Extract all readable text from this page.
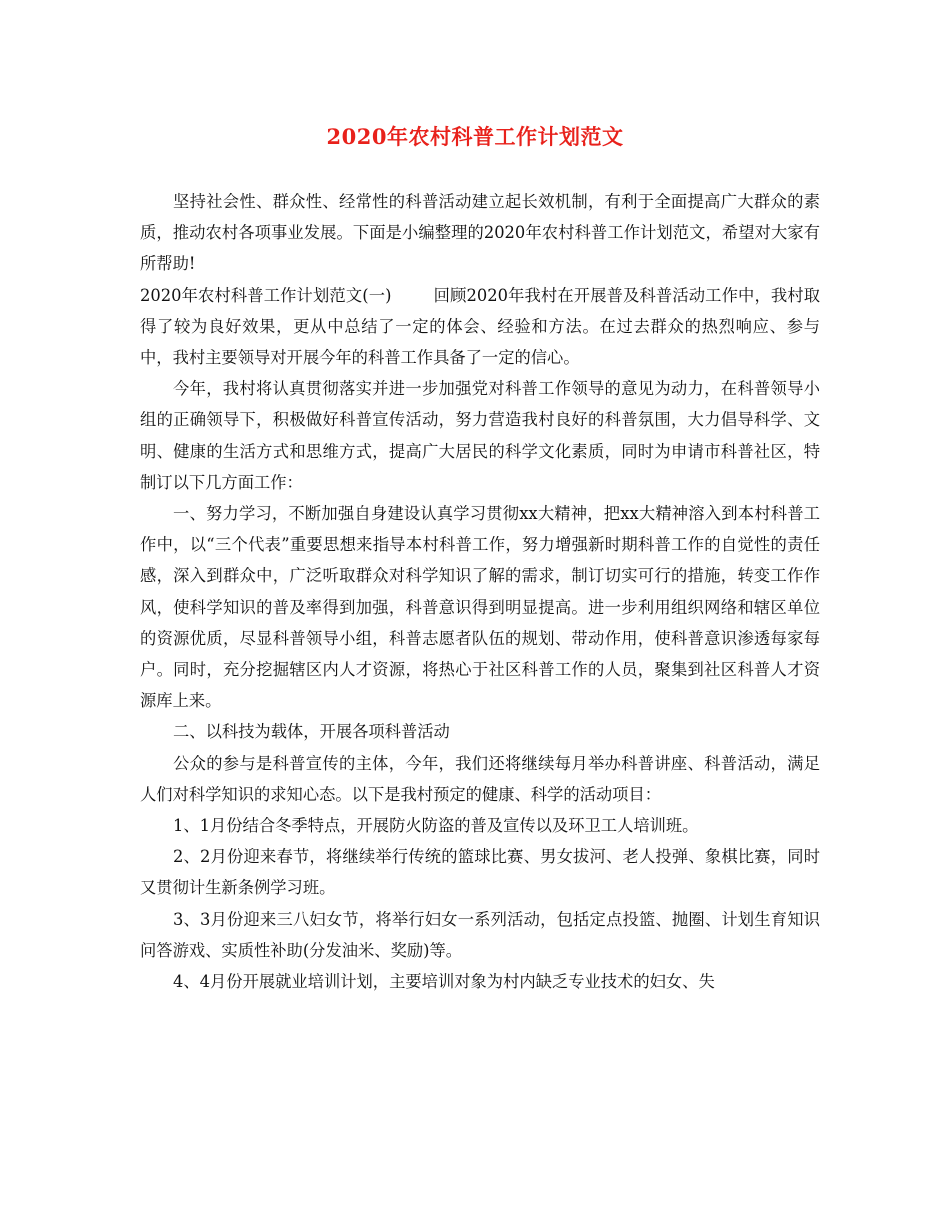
2020年农村科普工作计划范文

坚持社会性、群众性、经常性的科普活动建立起长效机制，有利于全面提高广大群众的素质，推动农村各项事业发展。下面是小编整理的2020年农村科普工作计划范文，希望对大家有所帮助!

2020年农村科普工作计划范文(一)	回顾2020年我村在开展普及科普活动工作中，我村取得了较为良好效果，更从中总结了一定的体会、经验和方法。在过去群众的热烈响应、参与中，我村主要领导对开展今年的科普工作具备了一定的信心。

今年，我村将认真贯彻落实并进一步加强党对科普工作领导的意见为动力，在科普领导小组的正确领导下，积极做好科普宣传活动，努力营造我村良好的科普氛围，大力倡导科学、文明、健康的生活方式和思维方式，提高广大居民的科学文化素质，同时为申请市科普社区，特制订以下几方面工作：

一、努力学习，不断加强自身建设认真学习贯彻xx大精神，把xx大精神溶入到本村科普工作中，以“三个代表”重要思想来指导本村科普工作，努力增强新时期科普工作的自觉性的责任感，深入到群众中，广泛听取群众对科学知识了解的需求，制订切实可行的措施，转变工作作风，使科学知识的普及率得到加强，科普意识得到明显提高。进一步利用组织网络和辖区单位的资源优质，尽显科普领导小组，科普志愿者队伍的规划、带动作用，使科普意识渗透每家每户。同时，充分挖掘辖区内人才资源，将热心于社区科普工作的人员，聚集到社区科普人才资源库上来。

二、以科技为载体，开展各项科普活动

公众的参与是科普宣传的主体，今年，我们还将继续每月举办科普讲座、科普活动，满足人们对科学知识的求知心态。以下是我村预定的健康、科学的活动项目：

1、1月份结合冬季特点，开展防火防盗的普及宣传以及环卫工人培训班。

2、2月份迎来春节，将继续举行传统的篮球比赛、男女拔河、老人投弹、象棋比赛，同时又贯彻计生新条例学习班。

3、3月份迎来三八妇女节，将举行妇女一系列活动，包括定点投篮、抛圈、计划生育知识问答游戏、实质性补助(分发油米、奖励)等。

4、4月份开展就业培训计划，主要培训对象为村内缺乏专业技术的妇女、失
